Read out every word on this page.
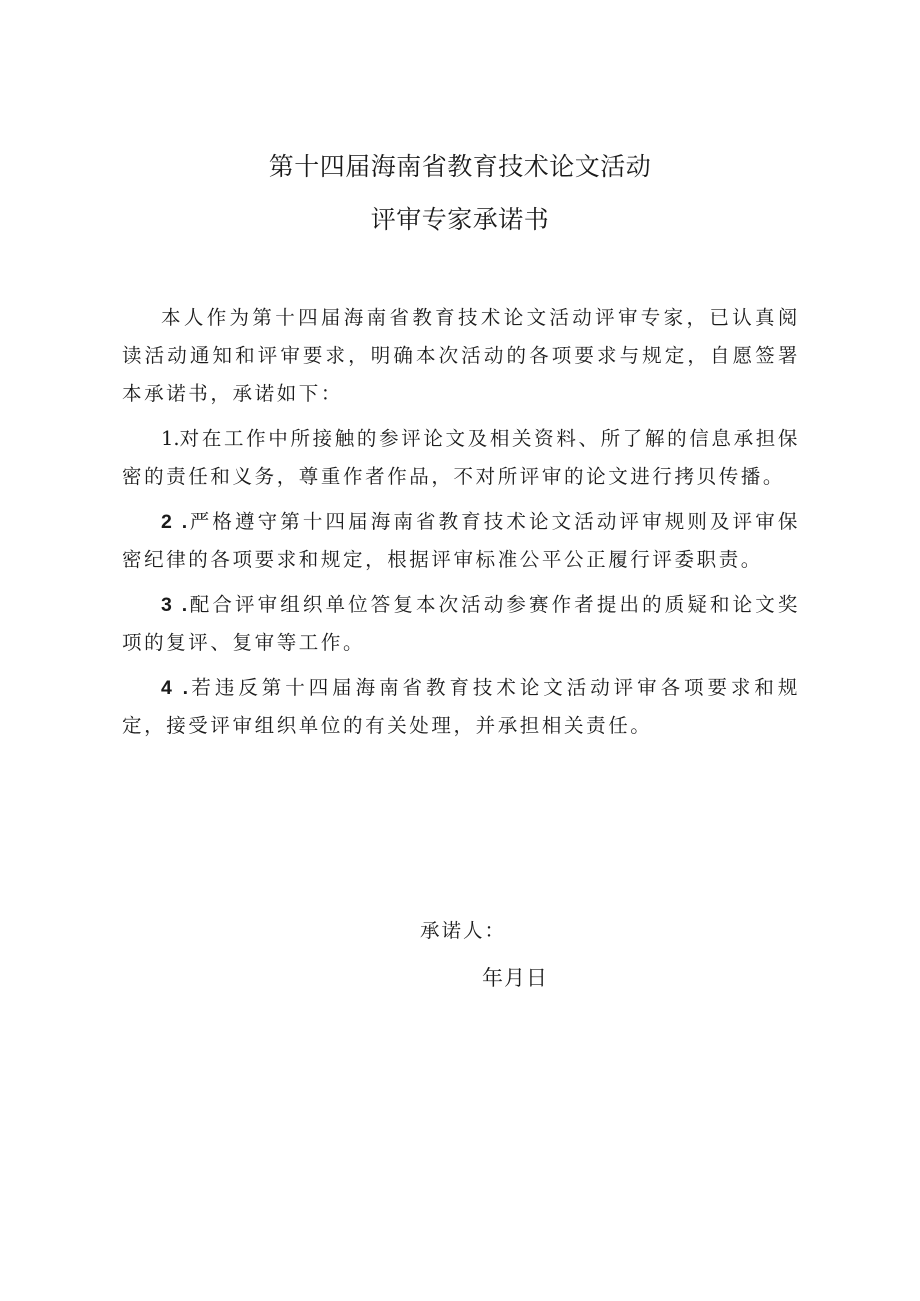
第十四届海南省教育技术论文活动
评审专家承诺书

本人作为第十四届海南省教育技术论文活动评审专家，已认真阅读活动通知和评审要求，明确本次活动的各项要求与规定，自愿签署本承诺书，承诺如下：

1.对在工作中所接触的参评论文及相关资料、所了解的信息承担保密的责任和义务，尊重作者作品，不对所评审的论文进行拷贝传播。

2 .严格遵守第十四届海南省教育技术论文活动评审规则及评审保密纪律的各项要求和规定，根据评审标准公平公正履行评委职责。

3 .配合评审组织单位答复本次活动参赛作者提出的质疑和论文奖项的复评、复审等工作。

4 .若违反第十四届海南省教育技术论文活动评审各项要求和规定，接受评审组织单位的有关处理，并承担相关责任。

承诺人：
年月日
